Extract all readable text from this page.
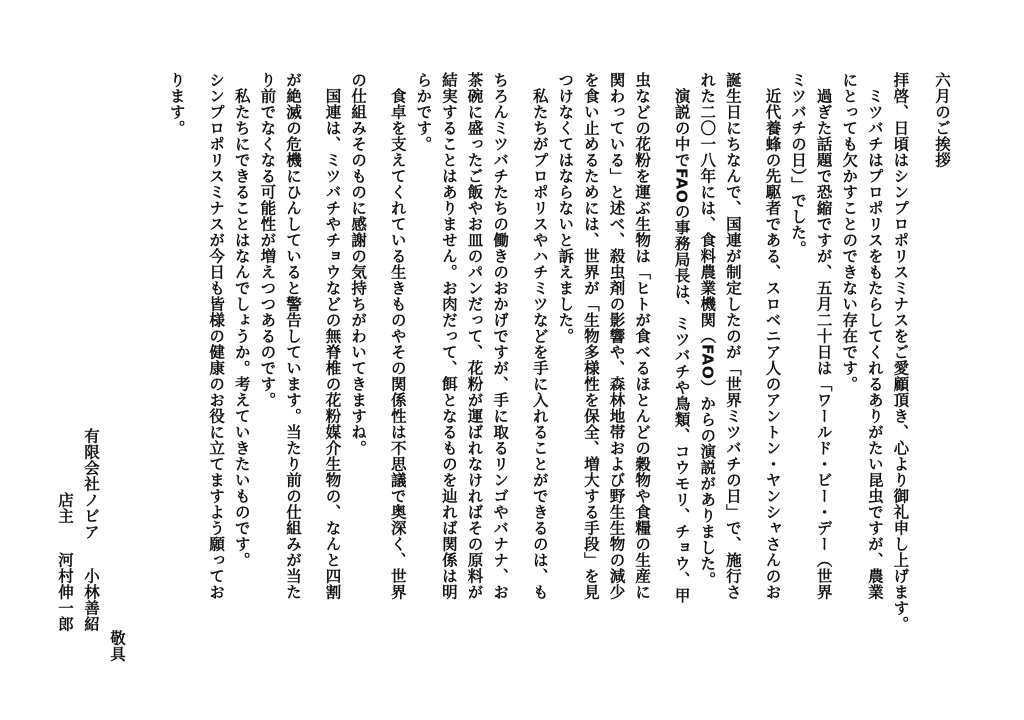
六月のご挨拶
拝啓、日頃はシンプロポリスミナスをご愛顧頂き、心より御礼申し上げます。
ミツバチはプロポリスをもたらしてくれるありがたい昆虫ですが、農業
にとっても欠かすことのできない存在です。
過ぎた話題で恐縮ですが、五月二十日は「ワールド・ビー・デー（世界
ミツバチの日）」でした。
近代養蜂の先駆者である、スロベニア人のアントン・ヤンシャさんのお
誕生日にちなんで、国連が制定したのが「世界ミツバチの日」で、施行さ
れた二〇一八年には、食料農業機関（FAO）からの演説がありました。
演説の中でFAOの事務局長は、ミツバチや鳥類、コウモリ、チョウ、甲
虫などの花粉を運ぶ生物は「ヒトが食べるほとんどの穀物や食糧の生産に
関わっている」と述べ、殺虫剤の影響や、森林地帯および野生生物の減少
を食い止めるためには、世界が「生物多様性を保全、増大する手段」を見
つけなくてはならないと訴えました。
私たちがプロポリスやハチミツなどを手に入れることができるのは、も
ちろんミツバチたちの働きのおかげですが、手に取るリンゴやバナナ、お
茶碗に盛ったご飯やお皿のパンだって、花粉が運ばれなければその原料が
結実することはありません。お肉だって、餌となるものを辿れば関係は明
らかです。
食卓を支えてくれている生きものやその関係性は不思議で奥深く、世界
の仕組みそのものに感謝の気持ちがわいてきますね。
国連は、ミツバチやチョウなどの無脊椎の花粉媒介生物の、なんと四割
が絶滅の危機にひんしていると警告しています。当たり前の仕組みが当た
り前でなくなる可能性が増えつつあるのです。
私たちにできることはなんでしょうか。考えていきたいものです。
シンプロポリスミナスが今日も皆様の健康のお役に立てますよう願ってお
ります。
敬具
有限会社ノビア 　 小林善紹
店主 　 河村伸一郎
